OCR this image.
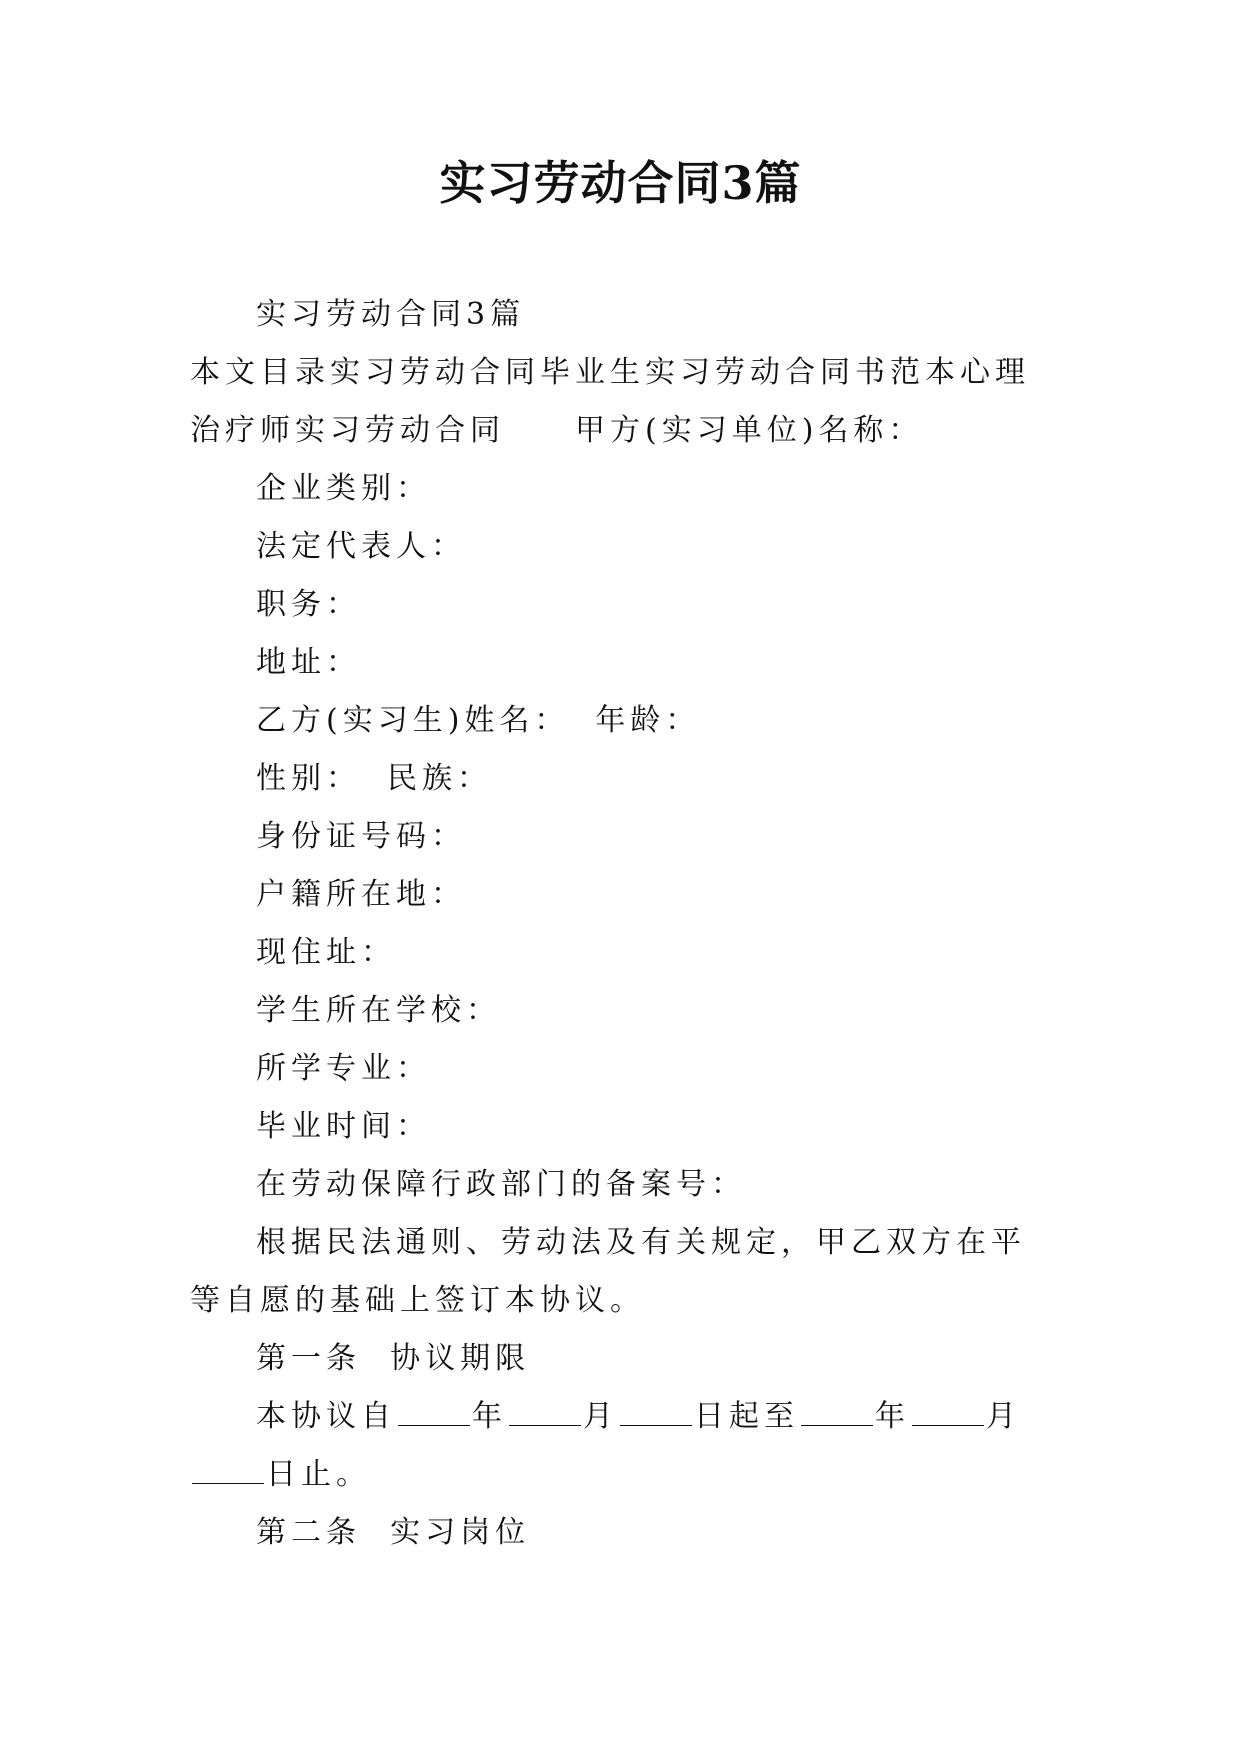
实习劳动合同3篇

实习劳动合同3篇

本文目录实习劳动合同毕业生实习劳动合同书范本心理治疗师实习劳动合同 甲方(实习单位)名称：

企业类别：

法定代表人：

职务：

地址：

乙方(实习生)姓名： 年龄：

性别： 民族：

身份证号码：

户籍所在地：

现住址：

学生所在学校：

所学专业：

毕业时间：

在劳动保障行政部门的备案号：

根据民法通则、劳动法及有关规定，甲乙双方在平等自愿的基础上签订本协议。

第一条  协议期限

本协议自	年	月	日起至	年	月日止。

第二条  实习岗位
